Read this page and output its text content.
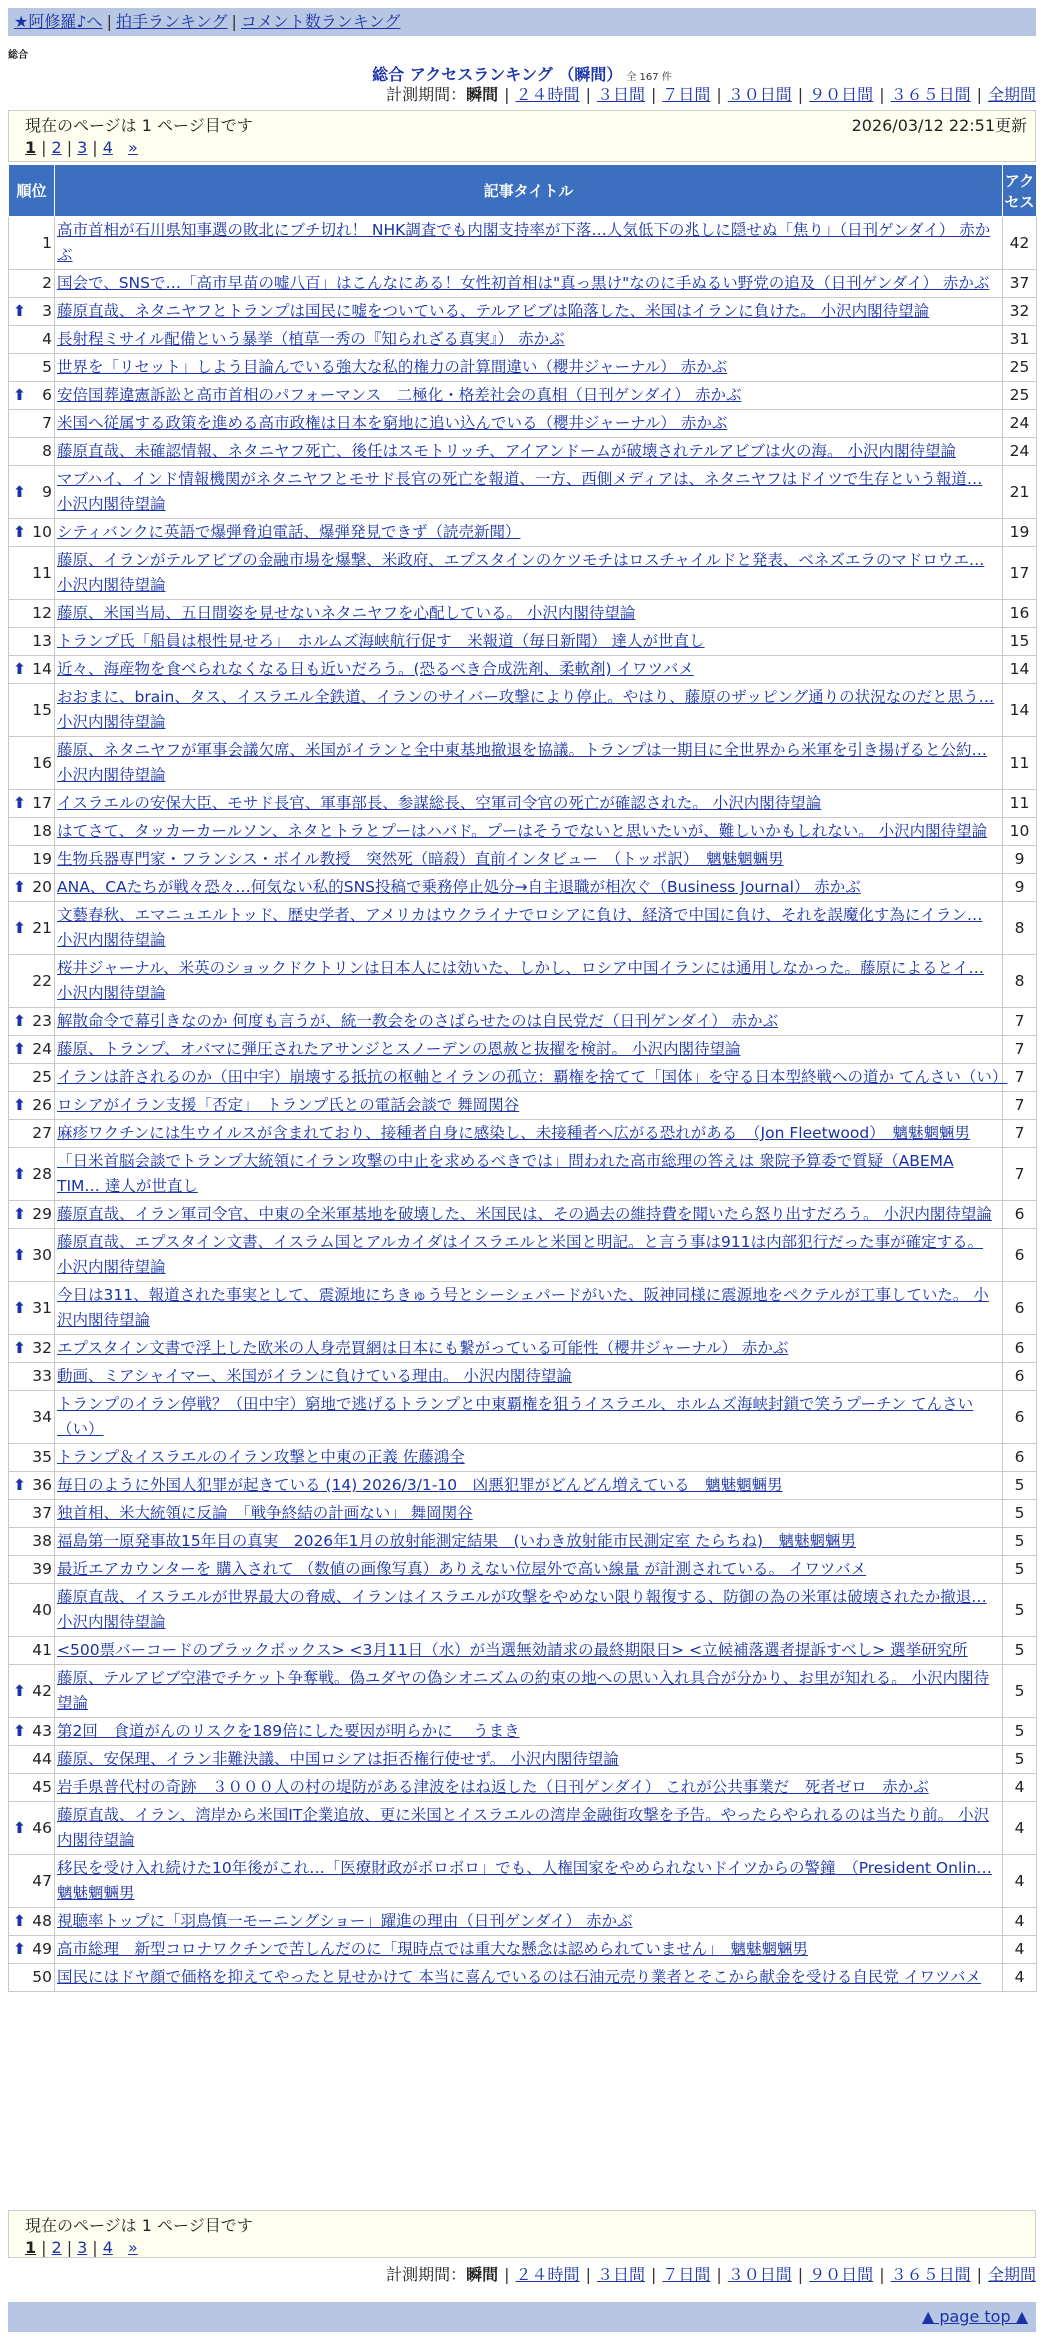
★阿修羅♪へ | 拍手ランキング | コメント数ランキング
総合
総合 アクセスランキング （瞬間） 全 167 件
計測期間：瞬間 | ２４時間 | ３日間 | ７日間 | ３０日間 | ９０日間 | ３６５日間 | 全期間
現在のページは 1 ページ目です	2026/03/12 22:51更新
1 | 2 | 3 | 4 »
順位	記事タイトル	アクセス
1	高市首相が石川県知事選の敗北にブチ切れ！ NHK調査でも内閣支持率が下落…人気低下の兆しに隠せぬ「焦り」（日刊ゲンダイ） 赤かぶ	42
2	国会で、SNSで…「高市早苗の嘘八百」はこんなにある！女性初首相は"真っ黒け"なのに手ぬるい野党の追及（日刊ゲンダイ） 赤かぶ	37

⬆ 3	藤原直哉、ネタニヤフとトランプは国民に嘘をついている、テルアビブは陥落した、米国はイランに負けた。 小沢内閣待望論	32
4	長射程ミサイル配備という暴挙（植草一秀の『知られざる真実』） 赤かぶ	31
5	世界を「リセット」しよう目論んでいる強大な私的権力の計算間違い（櫻井ジャーナル） 赤かぶ	25

⬆ 6	安倍国葬違憲訴訟と高市首相のパフォーマンス　二極化・格差社会の真相（日刊ゲンダイ） 赤かぶ	25
7	米国へ従属する政策を進める高市政権は日本を窮地に追い込んでいる（櫻井ジャーナル） 赤かぶ	24
8	藤原直哉、未確認情報、ネタニヤフ死亡、後任はスモトリッチ、アイアンドームが破壊されテルアビブは火の海。 小沢内閣待望論	24

⬆ 9	マブハイ、インド情報機関がネタニヤフとモサド長官の死亡を報道、一方、西側メディアは、ネタニヤフはドイツで生存という報道… 小沢内閣待望論	21

⬆ 10	シティバンクに英語で爆弾脅迫電話、爆弾発見できず（読売新聞）	19
11	藤原、イランがテルアビブの金融市場を爆撃、米政府、エプスタインのケツモチはロスチャイルドと発表、ベネズエラのマドロウエ… 小沢内閣待望論	17
12	藤原、米国当局、五日間姿を見せないネタニヤフを心配している。 小沢内閣待望論	16
13	トランプ氏「船員は根性見せろ」　ホルムズ海峡航行促す　米報道（毎日新聞） 達人が世直し	15

⬆ 14	近々、海産物を食べられなくなる日も近いだろう。(恐るべき合成洗剤、柔軟剤) イワツバメ	14
15	おおまに、brain、タス、イスラエル全鉄道、イランのサイバー攻撃により停止。やはり、藤原のザッピング通りの状況なのだと思う… 小沢内閣待望論	14
16	藤原、ネタニヤフが軍事会議欠席、米国がイランと全中東基地撤退を協議。トランプは一期目に全世界から米軍を引き揚げると公約… 小沢内閣待望論	11

⬆ 17	イスラエルの安保大臣、モサド長官、軍事部長、参謀総長、空軍司令官の死亡が確認された。 小沢内閣待望論	11
18	はてさて、タッカーカールソン、ネタとトラとプーはハバド。プーはそうでないと思いたいが、難しいかもしれない。 小沢内閣待望論	10
19	生物兵器専門家・フランシス・ボイル教授　突然死（暗殺）直前インタビュー　（トッポ訳）　魑魅魍魎男	9

⬆ 20	ANA、CAたちが戦々恐々…何気ない私的SNS投稿で乗務停止処分→自主退職が相次ぐ（Business Journal） 赤かぶ	9

⬆ 21	文藝春秋、エマニュエルトッド、歴史学者、アメリカはウクライナでロシアに負け、経済で中国に負け、それを誤魔化す為にイラン… 小沢内閣待望論	8
22	桜井ジャーナル、米英のショックドクトリンは日本人には効いた、しかし、ロシア中国イランには通用しなかった。藤原によるとイ… 小沢内閣待望論	8

⬆ 23	解散命令で幕引きなのか 何度も言うが、統一教会をのさばらせたのは自民党だ（日刊ゲンダイ） 赤かぶ	7

⬆ 24	藤原、トランプ、オバマに弾圧されたアサンジとスノーデンの恩赦と抜擢を検討。 小沢内閣待望論	7
25	イランは許されるのか（田中宇）崩壊する抵抗の枢軸とイランの孤立：覇権を捨てて「国体」を守る日本型終戦への道か てんさい（い）	7

⬆ 26	ロシアがイラン支援「否定」　トランプ氏との電話会談で 舞岡関谷	7
27	麻疹ワクチンには生ウイルスが含まれており、接種者自身に感染し、未接種者へ広がる恐れがある　（Jon Fleetwood）　魑魅魍魎男	7

⬆ 28	「日米首脳会談でトランプ大統領にイラン攻撃の中止を求めるべきでは」問われた高市総理の答えは 衆院予算委で質疑（ABEMA TIM… 達人が世直し	7

⬆ 29	藤原直哉、イラン軍司令官、中東の全米軍基地を破壊した、米国民は、その過去の維持費を聞いたら怒り出すだろう。 小沢内閣待望論	6

⬆ 30	藤原直哉、エプスタイン文書、イスラム国とアルカイダはイスラエルと米国と明記。と言う事は911は内部犯行だった事が確定する。 小沢内閣待望論	6

⬆ 31	今日は311、報道された事実として、震源地にちきゅう号とシーシェパードがいた、阪神同様に震源地をペクテルが工事していた。 小沢内閣待望論	6

⬆ 32	エプスタイン文書で浮上した欧米の人身売買網は日本にも繋がっている可能性（櫻井ジャーナル） 赤かぶ	6
33	動画、ミアシャイマー、米国がイランに負けている理由。 小沢内閣待望論	6
34	トランプのイラン停戦？（田中宇）窮地で逃げるトランプと中東覇権を狙うイスラエル、ホルムズ海峡封鎖で笑うプーチン てんさい（い）	6
35	トランプ＆イスラエルのイラン攻撃と中東の正義 佐藤鴻全	6

⬆ 36	毎日のように外国人犯罪が起きている (14) 2026/3/1-10　凶悪犯罪がどんどん増えている　魑魅魍魎男	5
37	独首相、米大統領に反論　「戦争終結の計画ない」 舞岡関谷	5
38	福島第一原発事故15年目の真実　2026年1月の放射能測定結果　(いわき放射能市民測定室 たらちね)　魑魅魍魎男	5
39	最近エアカウンターを 購入されて （数値の画像写真）ありえない位屋外で高い線量 が計測されている。 イワツバメ	5
40	藤原直哉、イスラエルが世界最大の脅威、イランはイスラエルが攻撃をやめない限り報復する、防御の為の米軍は破壊されたか撤退… 小沢内閣待望論	5
41	<500票バーコードのブラックボックス> <3月11日（水）が当選無効請求の最終期限日> <立候補落選者提訴すべし> 選挙研究所	5

⬆ 42	藤原、テルアビブ空港でチケット争奪戦。偽ユダヤの偽シオニズムの約束の地への思い入れ具合が分かり、お里が知れる。 小沢内閣待望論	5

⬆ 43	第2回　食道がんのリスクを189倍にした要因が明らかに　 うまき	5
44	藤原、安保理、イラン非難決議、中国ロシアは拒否権行使せず。 小沢内閣待望論	5
45	岩手県普代村の奇跡　３０００人の村の堤防がある津波をはね返した（日刊ゲンダイ） これが公共事業だ　死者ゼロ　赤かぶ	4

⬆ 46	藤原直哉、イラン、湾岸から米国IT企業追放、更に米国とイスラエルの湾岸金融街攻撃を予告。やったらやられるのは当たり前。 小沢内閣待望論	4
47	移民を受け入れ続けた10年後がこれ…「医療財政がボロボロ」でも、人権国家をやめられないドイツからの警鐘　（President Onlin… 魑魅魍魎男	4

⬆ 48	視聴率トップに「羽鳥慎一モーニングショー」躍進の理由（日刊ゲンダイ） 赤かぶ	4

⬆ 49	高市総理　新型コロナワクチンで苦しんだのに「現時点では重大な懸念は認められていません」　魑魅魍魎男	4
50	国民にはドヤ顔で価格を抑えてやったと見せかけて 本当に喜んでいるのは石油元売り業者とそこから献金を受ける自民党 イワツバメ	4
現在のページは 1 ページ目です
1 | 2 | 3 | 4 »
計測期間：瞬間 | ２４時間 | ３日間 | ７日間 | ３０日間 | ９０日間 | ３６５日間 | 全期間
▲ page top ▲
